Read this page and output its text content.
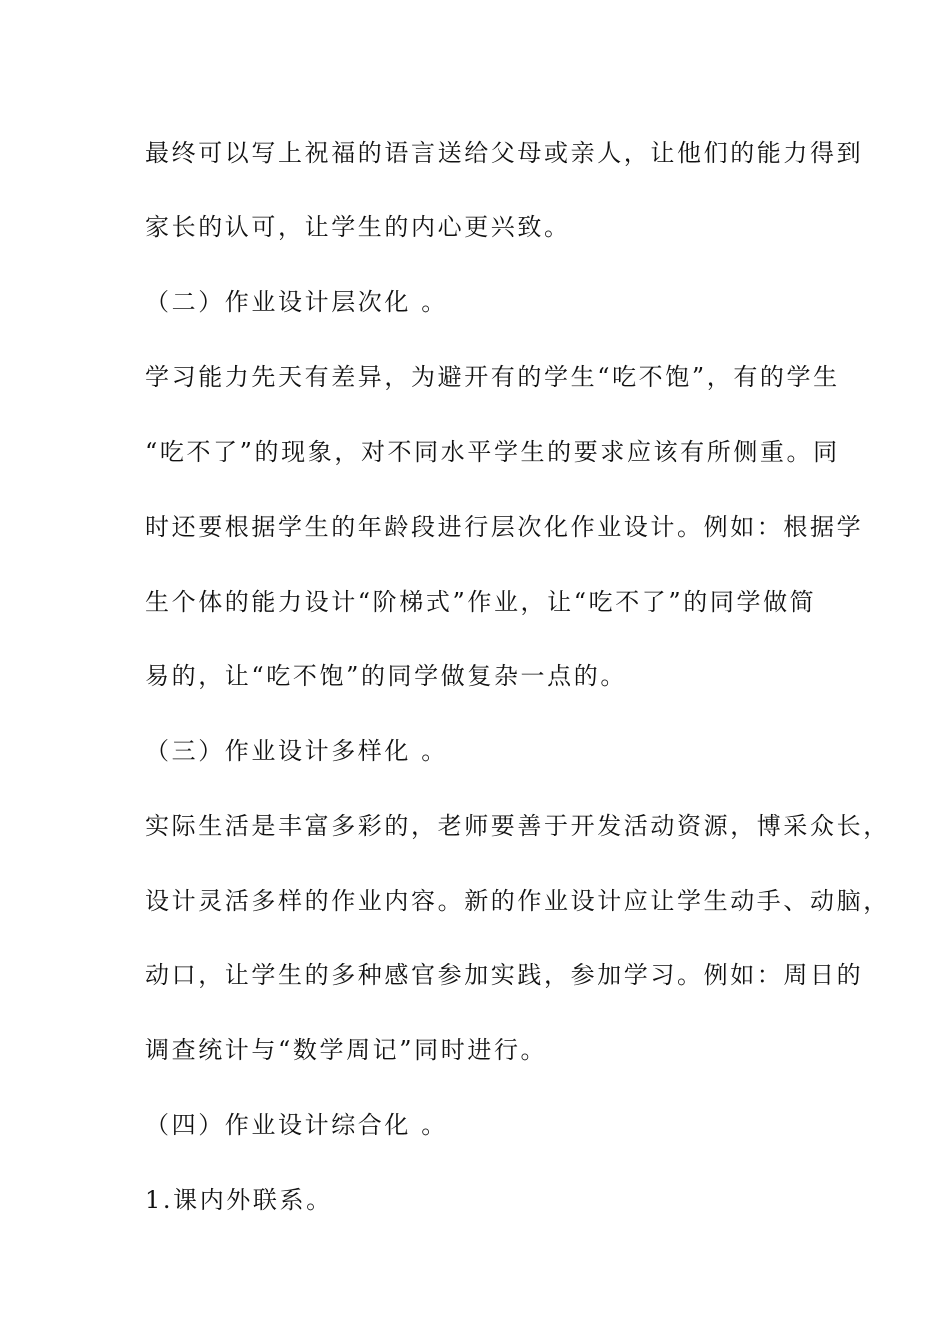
最终可以写上祝福的语言送给父母或亲人，让他们的能力得到
家长的认可，让学生的内心更兴致。
（二）作业设计层次化 。
学习能力先天有差异，为避开有的学生“吃不饱”，有的学生
“吃不了”的现象，对不同水平学生的要求应该有所侧重。同
时还要根据学生的年龄段进行层次化作业设计。例如：根据学
生个体的能力设计“阶梯式”作业，让“吃不了”的同学做简
易的，让“吃不饱”的同学做复杂一点的。
（三）作业设计多样化 。
实际生活是丰富多彩的，老师要善于开发活动资源，博采众长，
设计灵活多样的作业内容。新的作业设计应让学生动手、动脑，
动口，让学生的多种感官参加实践，参加学习。例如：周日的
调查统计与“数学周记”同时进行。
（四）作业设计综合化 。
1.课内外联系。
